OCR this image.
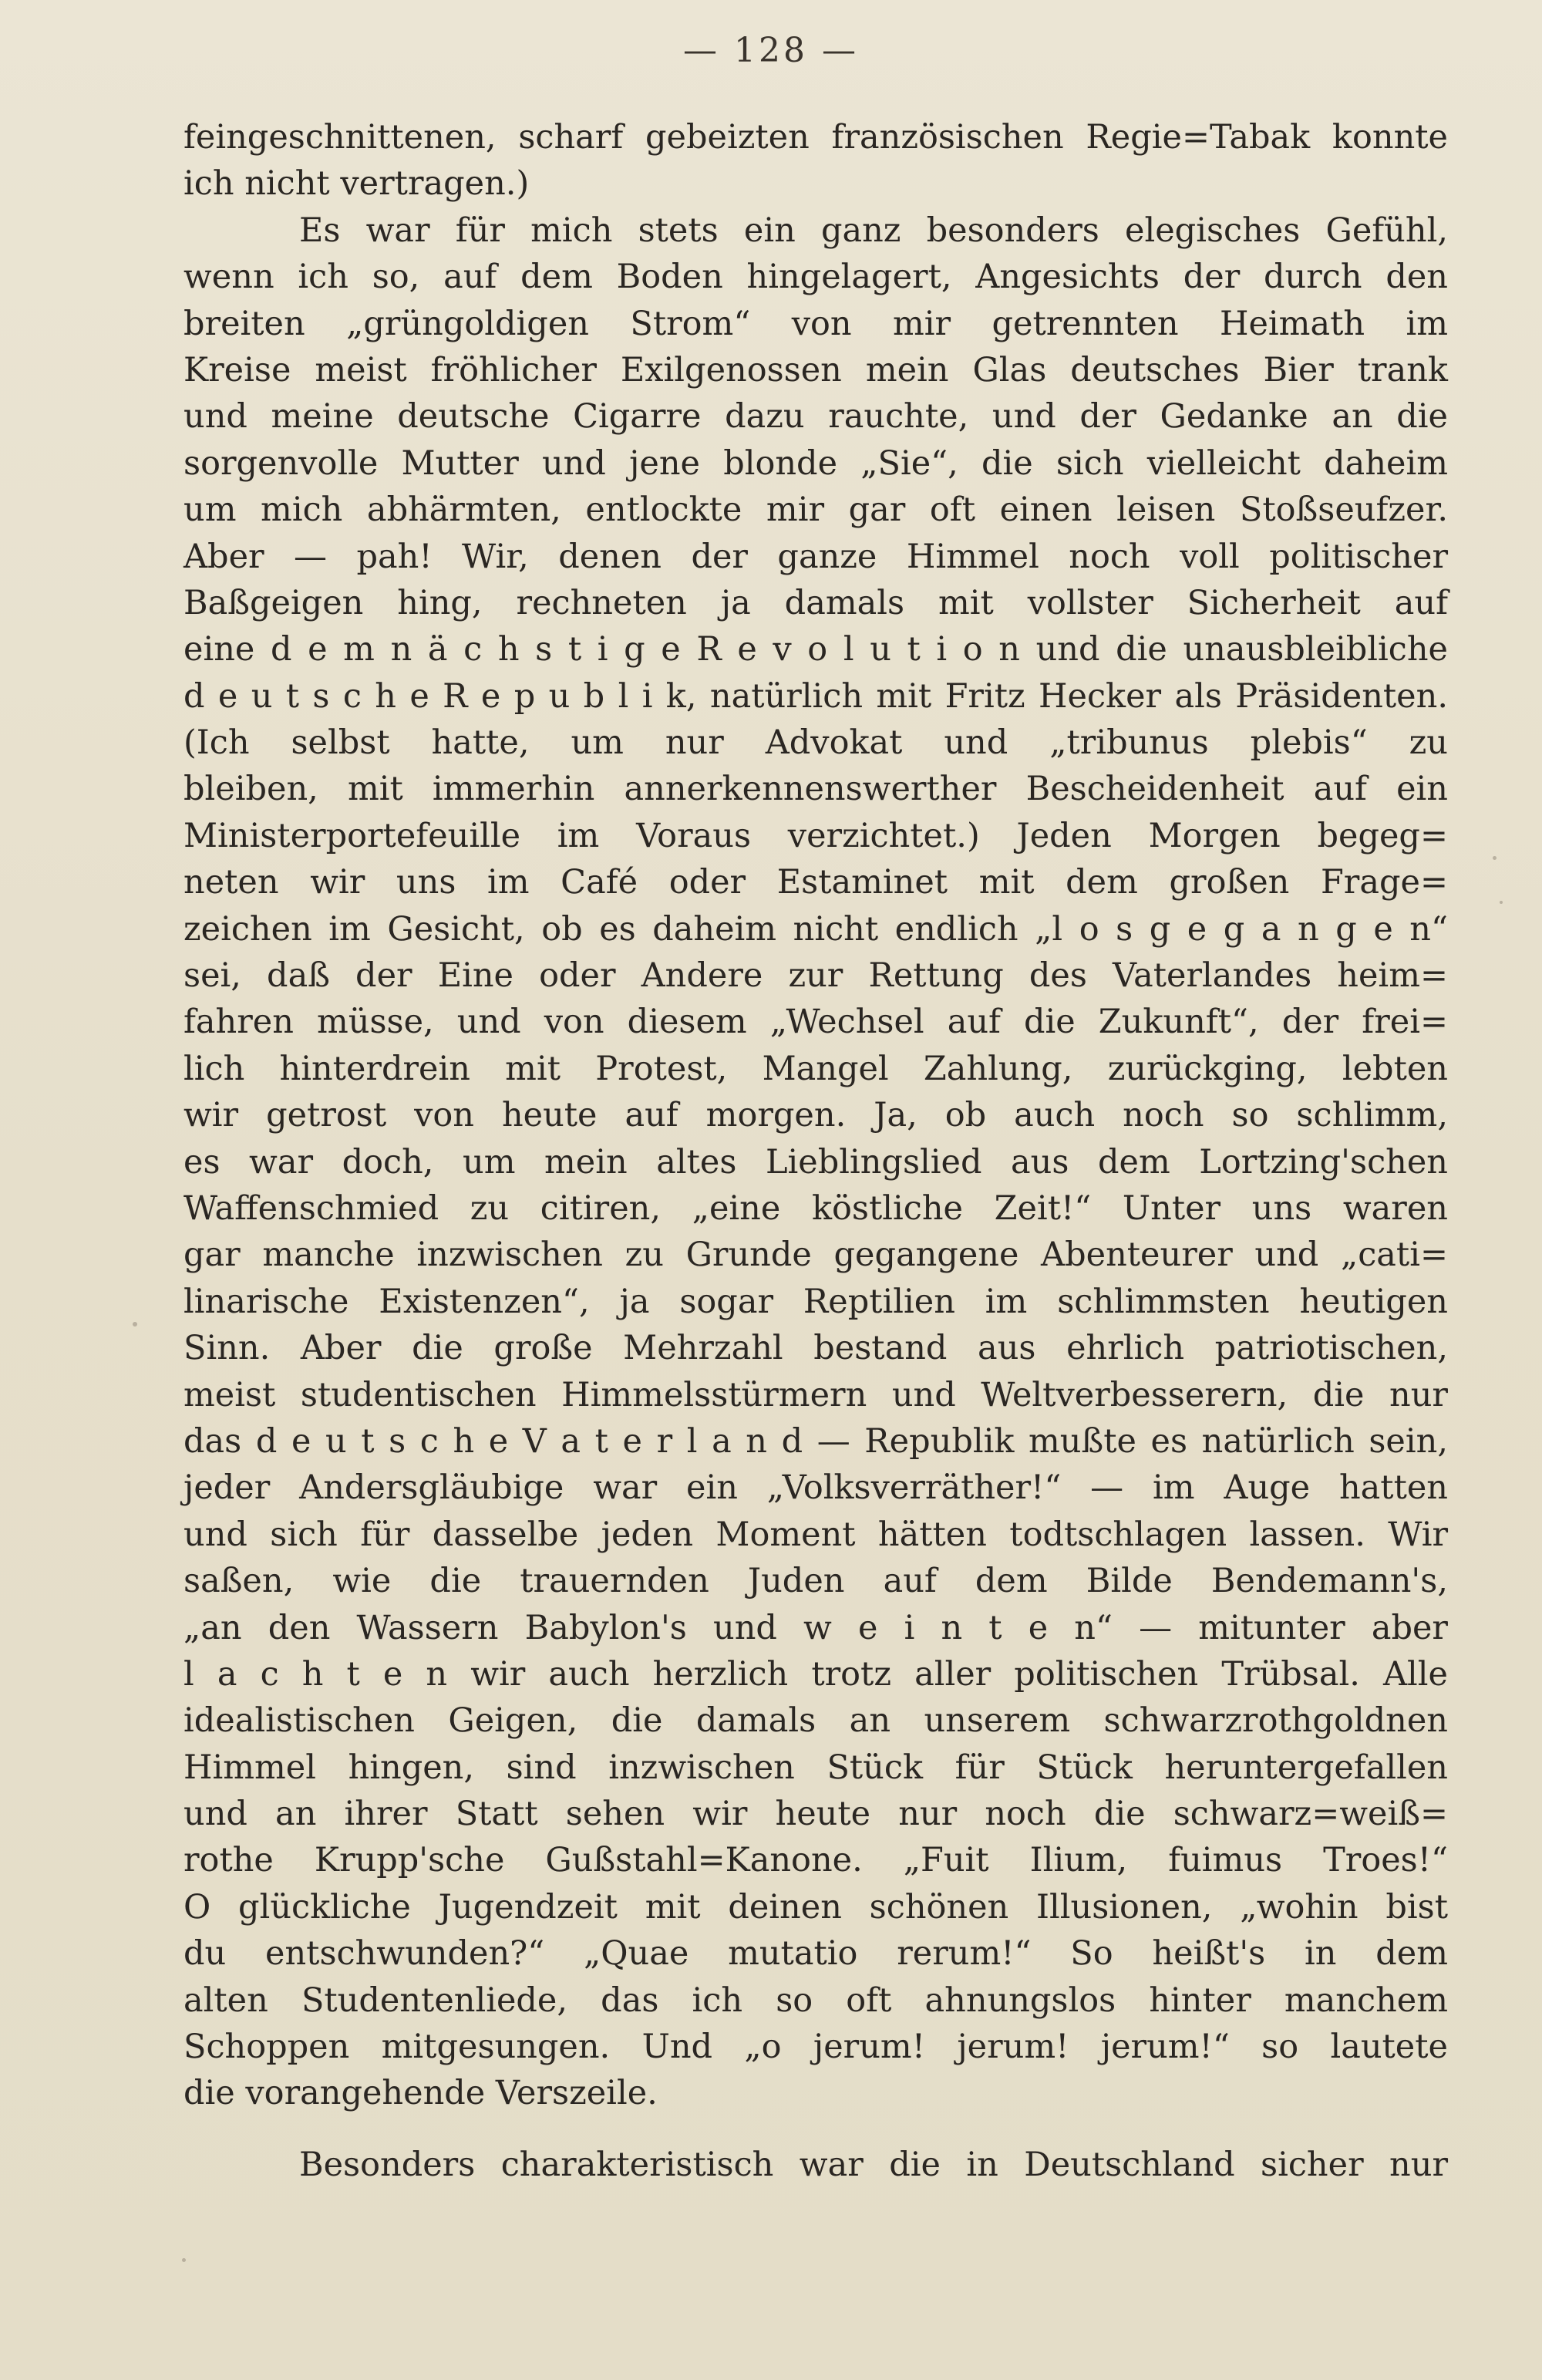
— 128 —
feingeschnittenen, scharf gebeizten französischen Regie=Tabak konnte
ich nicht vertragen.)
Es war für mich stets ein ganz besonders elegisches Gefühl,
wenn ich so, auf dem Boden hingelagert, Angesichts der durch den
breiten „grüngoldigen Strom“ von mir getrennten Heimath im
Kreise meist fröhlicher Exilgenossen mein Glas deutsches Bier trank
und meine deutsche Cigarre dazu rauchte, und der Gedanke an die
sorgenvolle Mutter und jene blonde „Sie“, die sich vielleicht daheim
um mich abhärmten, entlockte mir gar oft einen leisen Stoßseufzer.
Aber — pah! Wir, denen der ganze Himmel noch voll politischer
Baßgeigen hing, rechneten ja damals mit vollster Sicherheit auf
eine d e m n ä c h s t i g e R e v o l u t i o n und die unausbleibliche
d e u t s c h e R e p u b l i k, natürlich mit Fritz Hecker als Präsidenten.
(Ich selbst hatte, um nur Advokat und „tribunus plebis“ zu
bleiben, mit immerhin annerkennenswerther Bescheidenheit auf ein
Ministerportefeuille im Voraus verzichtet.) Jeden Morgen begeg=
neten wir uns im Café oder Estaminet mit dem großen Frage=
zeichen im Gesicht, ob es daheim nicht endlich „l o s g e g a n g e n“
sei, daß der Eine oder Andere zur Rettung des Vaterlandes heim=
fahren müsse, und von diesem „Wechsel auf die Zukunft“, der frei=
lich hinterdrein mit Protest, Mangel Zahlung, zurückging, lebten
wir getrost von heute auf morgen. Ja, ob auch noch so schlimm,
es war doch, um mein altes Lieblingslied aus dem Lortzing'schen
Waffenschmied zu citiren, „eine köstliche Zeit!“ Unter uns waren
gar manche inzwischen zu Grunde gegangene Abenteurer und „cati=
linarische Existenzen“, ja sogar Reptilien im schlimmsten heutigen
Sinn. Aber die große Mehrzahl bestand aus ehrlich patriotischen,
meist studentischen Himmelsstürmern und Weltverbesserern, die nur
das d e u t s c h e V a t e r l a n d — Republik mußte es natürlich sein,
jeder Andersgläubige war ein „Volksverräther!“ — im Auge hatten
und sich für dasselbe jeden Moment hätten todtschlagen lassen. Wir
saßen, wie die trauernden Juden auf dem Bilde Bendemann's,
„an den Wassern Babylon's und w e i n t e n“ — mitunter aber
l a c h t e n wir auch herzlich trotz aller politischen Trübsal. Alle
idealistischen Geigen, die damals an unserem schwarzrothgoldnen
Himmel hingen, sind inzwischen Stück für Stück heruntergefallen
und an ihrer Statt sehen wir heute nur noch die schwarz=weiß=
rothe Krupp'sche Gußstahl=Kanone. „Fuit Ilium, fuimus Troes!“
O glückliche Jugendzeit mit deinen schönen Illusionen, „wohin bist
du entschwunden?“ „Quae mutatio rerum!“ So heißt's in dem
alten Studentenliede, das ich so oft ahnungslos hinter manchem
Schoppen mitgesungen. Und „o jerum! jerum! jerum!“ so lautete
die vorangehende Verszeile.
Besonders charakteristisch war die in Deutschland sicher nur
